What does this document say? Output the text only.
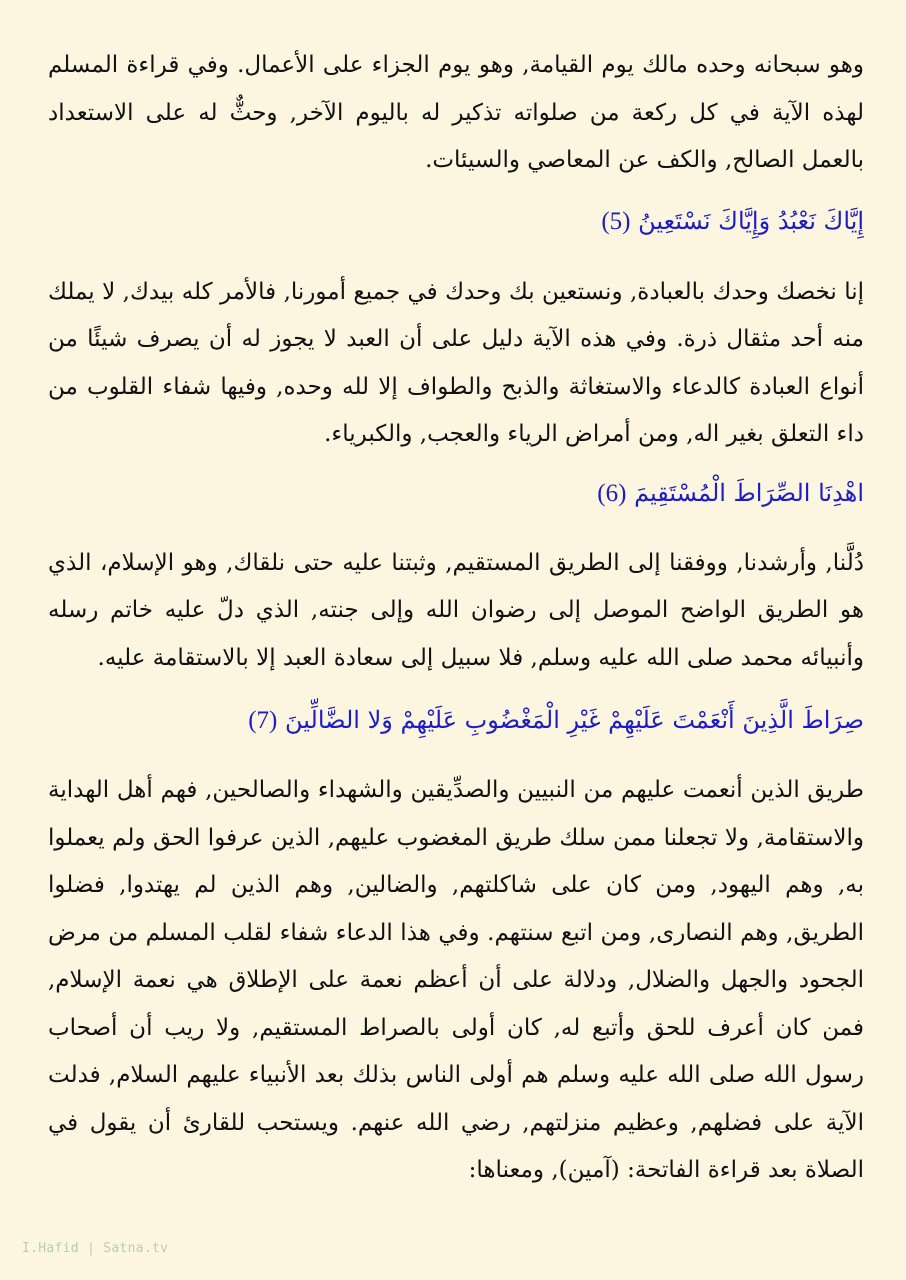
وهو سبحانه وحده مالك يوم القيامة, وهو يوم الجزاء على الأعمال. وفي قراءة المسلم لهذه الآية في كل ركعة من صلواته تذكير له باليوم الآخر, وحثٌّ له على الاستعداد بالعمل الصالح, والكف عن المعاصي والسيئات.

إِيَّاكَ نَعْبُدُ وَإِيَّاكَ نَسْتَعِينُ (5)

إنا نخصك وحدك بالعبادة, ونستعين بك وحدك في جميع أمورنا, فالأمر كله بيدك, لا يملك منه أحد مثقال ذرة. وفي هذه الآية دليل على أن العبد لا يجوز له أن يصرف شيئًا من أنواع العبادة كالدعاء والاستغاثة والذبح والطواف إلا لله وحده, وفيها شفاء القلوب من داء التعلق بغير اله, ومن أمراض الرياء والعجب, والكبرياء.

اهْدِنَا الصِّرَاطَ الْمُسْتَقِيمَ (6)

دُلَّنا, وأرشدنا, ووفقنا إلى الطريق المستقيم, وثبتنا عليه حتى نلقاك, وهو الإسلام، الذي هو الطريق الواضح الموصل إلى رضوان الله وإلى جنته, الذي دلّ عليه خاتم رسله وأنبيائه محمد صلى الله عليه وسلم, فلا سبيل إلى سعادة العبد إلا بالاستقامة عليه.

صِرَاطَ الَّذِينَ أَنْعَمْتَ عَلَيْهِمْ غَيْرِ الْمَغْضُوبِ عَلَيْهِمْ وَلا الضَّالِّينَ (7)

طريق الذين أنعمت عليهم من النبيين والصدِّيقين والشهداء والصالحين, فهم أهل الهداية والاستقامة, ولا تجعلنا ممن سلك طريق المغضوب عليهم, الذين عرفوا الحق ولم يعملوا به, وهم اليهود, ومن كان على شاكلتهم, والضالين, وهم الذين لم يهتدوا, فضلوا الطريق, وهم النصارى, ومن اتبع سنتهم. وفي هذا الدعاء شفاء لقلب المسلم من مرض الجحود والجهل والضلال, ودلالة على أن أعظم نعمة على الإطلاق هي نعمة الإسلام, فمن كان أعرف للحق وأتبع له, كان أولى بالصراط المستقيم, ولا ريب أن أصحاب رسول الله صلى الله عليه وسلم هم أولى الناس بذلك بعد الأنبياء عليهم السلام, فدلت الآية على فضلهم, وعظيم منزلتهم, رضي الله عنهم. ويستحب للقارئ أن يقول في الصلاة بعد قراءة الفاتحة: (آمين), ومعناها:

I.Hafid | Satna.tv
